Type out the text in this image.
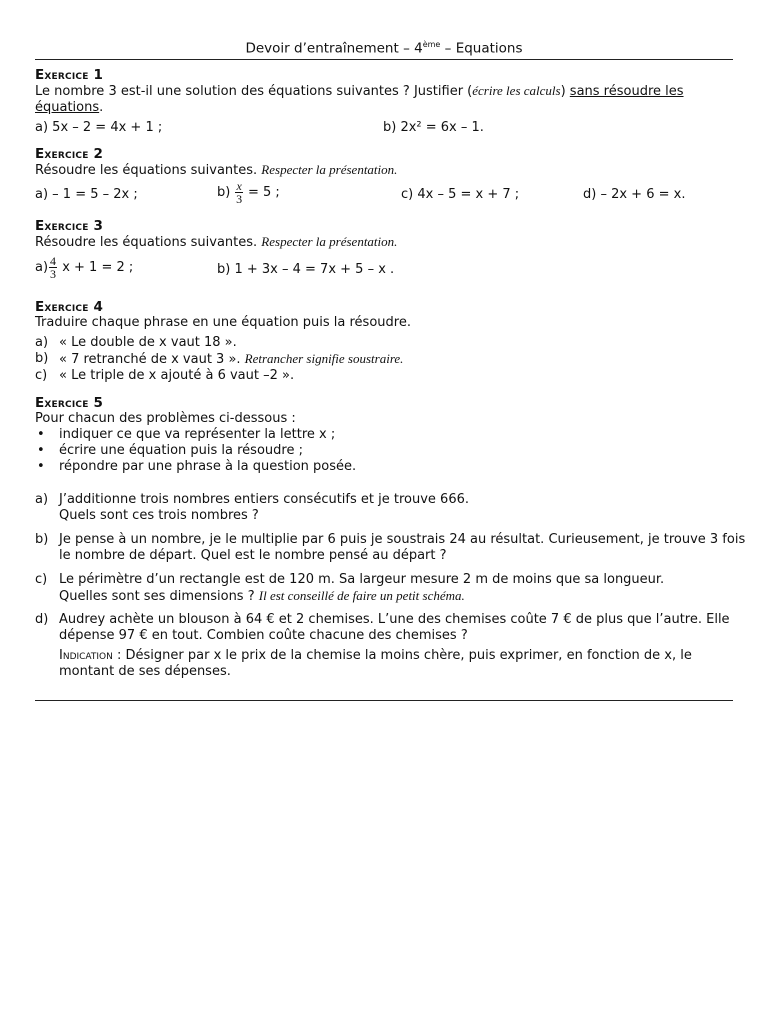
Devoir d’entraînement – 4ème – Equations
Exercice 1
Le nombre 3 est-il une solution des équations suivantes ? Justifier (écrire les calculs) sans résoudre les
équations.
a) 5x – 2 = 4x + 1 ;	b) 2x² = 6x – 1.
Exercice 2
Résoudre les équations suivantes. Respecter la présentation.
a) – 1 = 5 – 2x ;	$b) \frac{x}{3} = 5$ ;	c) 4x – 5 = x + 7 ;	d) – 2x + 6 = x.
Exercice 3
Résoudre les équations suivantes. Respecter la présentation.
$a) \frac{4}{3}$ x + 1 = 2 ;	b) 1 + 3x – 4 = 7x + 5 – x .
Exercice 4
Traduire chaque phrase en une équation puis la résoudre.
a) « Le double de x vaut 18 ».
b) « 7 retranché de x vaut 3 ». Retrancher signifie soustraire.
c) « Le triple de x ajouté à 6 vaut –2 ».
Exercice 5
Pour chacun des problèmes ci-dessous :
• indiquer ce que va représenter la lettre x ;
• écrire une équation puis la résoudre ;
• répondre par une phrase à la question posée.
a) J’additionne trois nombres entiers consécutifs et je trouve 666.
Quels sont ces trois nombres ?
b) Je pense à un nombre, je le multiplie par 6 puis je soustrais 24 au résultat. Curieusement, je trouve 3 fois
le nombre de départ. Quel est le nombre pensé au départ ?
c) Le périmètre d’un rectangle est de 120 m. Sa largeur mesure 2 m de moins que sa longueur.
Quelles sont ses dimensions ? Il est conseillé de faire un petit schéma.
d) Audrey achète un blouson à 64 € et 2 chemises. L’une des chemises coûte 7 € de plus que l’autre. Elle
dépense 97 € en tout. Combien coûte chacune des chemises ?
Indication : Désigner par x le prix de la chemise la moins chère, puis exprimer, en fonction de x, le
montant de ses dépenses.
